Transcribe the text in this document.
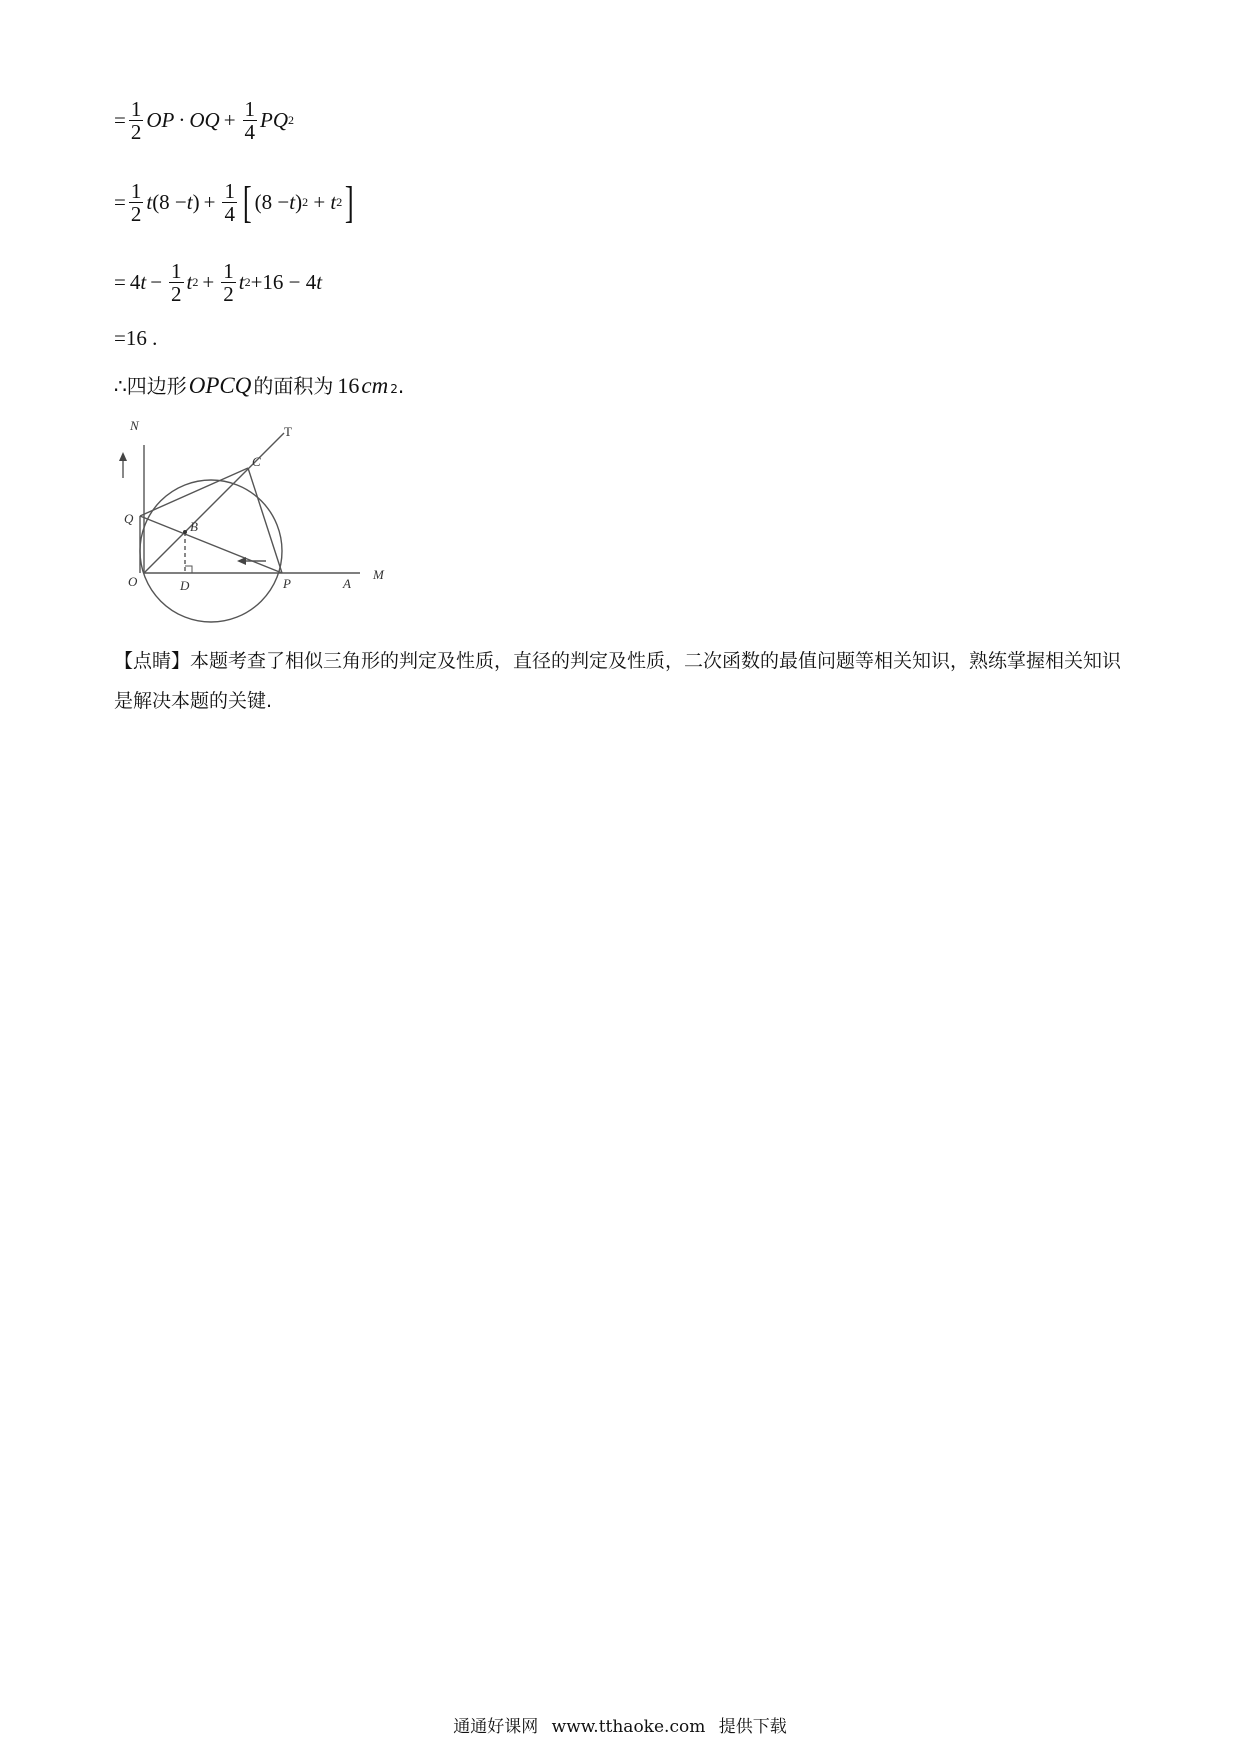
= $\frac{1}{2}$ OP · OQ + $\frac{1}{4}$ PQ 2
= $\frac{1}{2}$ t (8 − t ) + $\frac{1}{4}$ [ (8 − t ) 2 + t 2 ]
= 4 $t - \frac{1}{2}$ t $2 + \frac{1}{2}$ t 2 +16 − 4 t
=16 .
∴四边形 OPCQ 的面积为 16 cm 2 .
N	T
C
Q
B
O	D	P	A
M
【点睛】本题考查了相似三角形的判定及性质，直径的判定及性质，二次函数的最值问题等相关知识，熟练掌握相关知识是解决本题的关键.
通通好课网 www.tthaoke.com 提供下载
